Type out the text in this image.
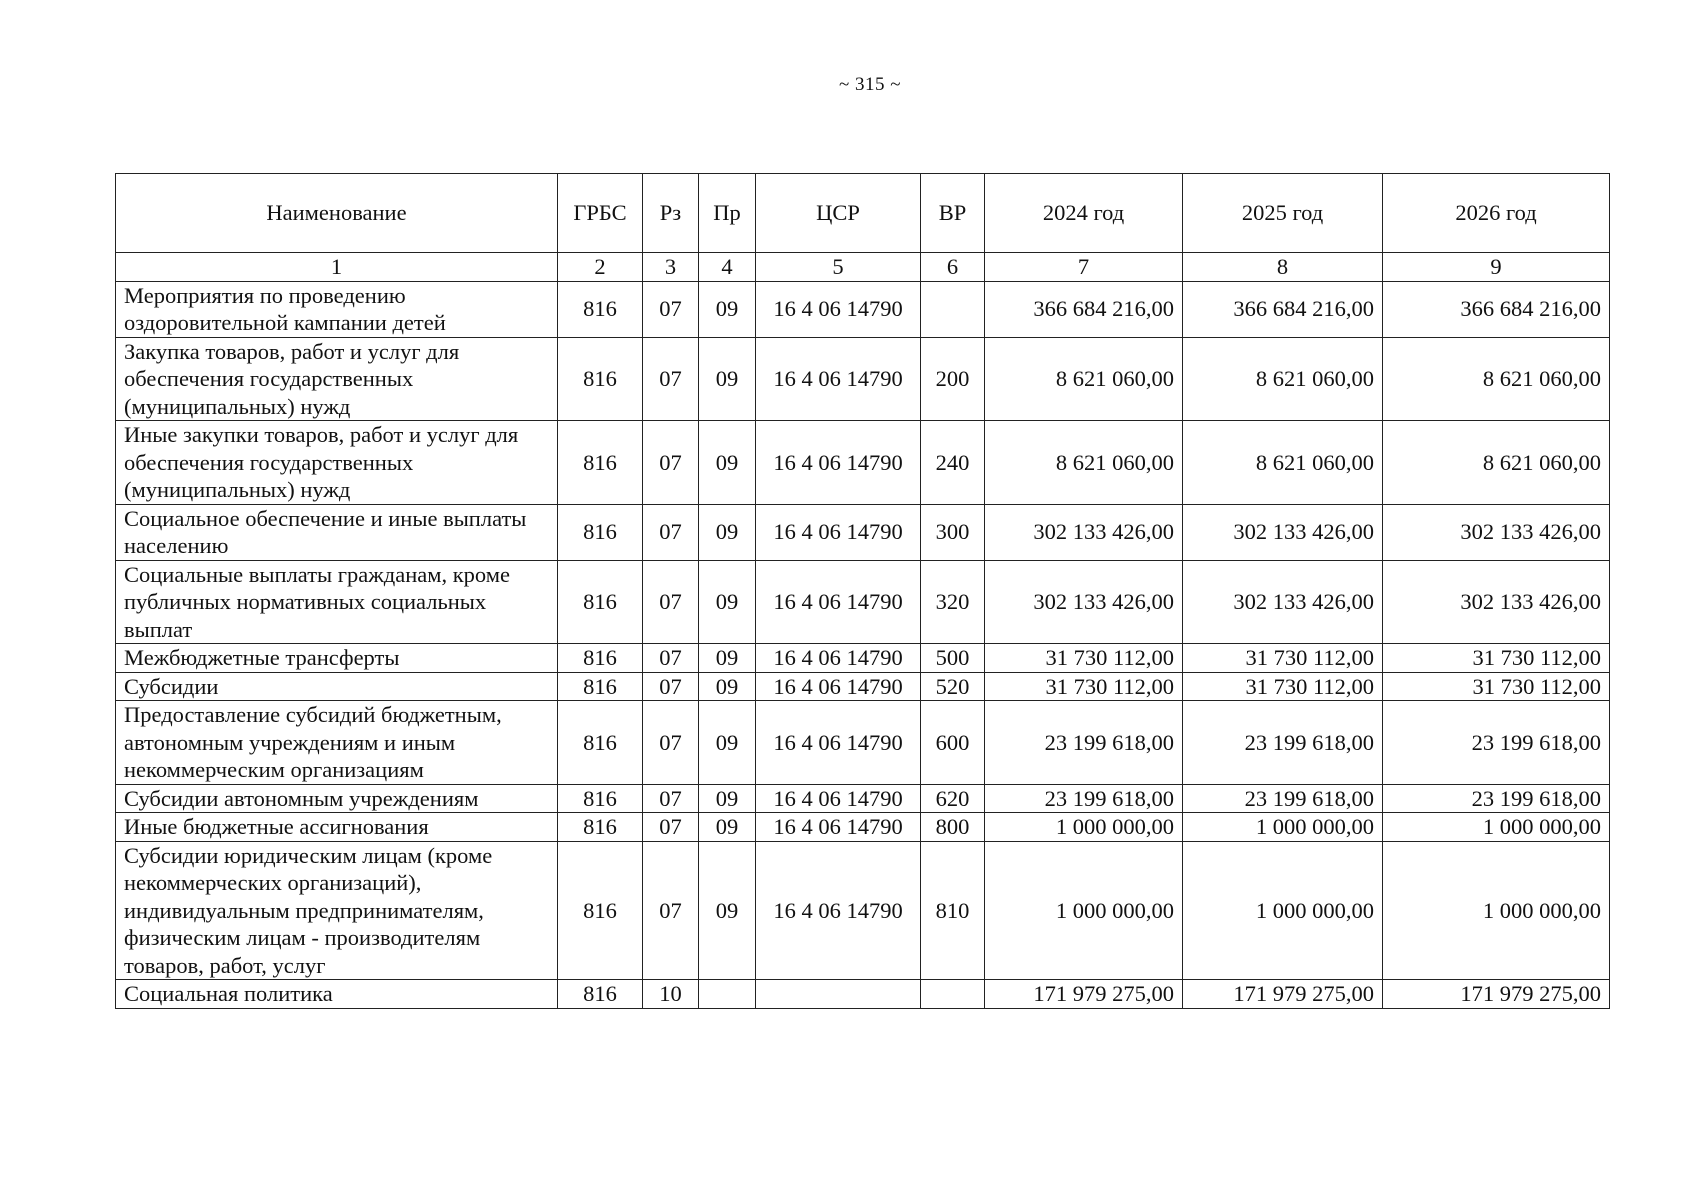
~ 315 ~
Наименование	ГРБС	Рз	Пр	ЦСР	ВР	2024 год	2025 год	2026 год
1	2	3	4	5	6	7	8	9
Мероприятия по проведению оздоровительной кампании детей	816	07	09	16 4 06 14790		366 684 216,00	366 684 216,00	366 684 216,00
Закупка товаров, работ и услуг для обеспечения государственных (муниципальных) нужд	816	07	09	16 4 06 14790	200	8 621 060,00	8 621 060,00	8 621 060,00
Иные закупки товаров, работ и услуг для обеспечения государственных (муниципальных) нужд	816	07	09	16 4 06 14790	240	8 621 060,00	8 621 060,00	8 621 060,00
Социальное обеспечение и иные выплаты населению	816	07	09	16 4 06 14790	300	302 133 426,00	302 133 426,00	302 133 426,00
Социальные выплаты гражданам, кроме публичных нормативных социальных выплат	816	07	09	16 4 06 14790	320	302 133 426,00	302 133 426,00	302 133 426,00
Межбюджетные трансферты	816	07	09	16 4 06 14790	500	31 730 112,00	31 730 112,00	31 730 112,00
Субсидии	816	07	09	16 4 06 14790	520	31 730 112,00	31 730 112,00	31 730 112,00
Предоставление субсидий бюджетным, автономным учреждениям и иным некоммерческим организациям	816	07	09	16 4 06 14790	600	23 199 618,00	23 199 618,00	23 199 618,00
Субсидии автономным учреждениям	816	07	09	16 4 06 14790	620	23 199 618,00	23 199 618,00	23 199 618,00
Иные бюджетные ассигнования	816	07	09	16 4 06 14790	800	1 000 000,00	1 000 000,00	1 000 000,00
Субсидии юридическим лицам (кроме некоммерческих организаций), индивидуальным предпринимателям, физическим лицам - производителям товаров, работ, услуг	816	07	09	16 4 06 14790	810	1 000 000,00	1 000 000,00	1 000 000,00
Социальная политика	816	10				171 979 275,00	171 979 275,00	171 979 275,00
